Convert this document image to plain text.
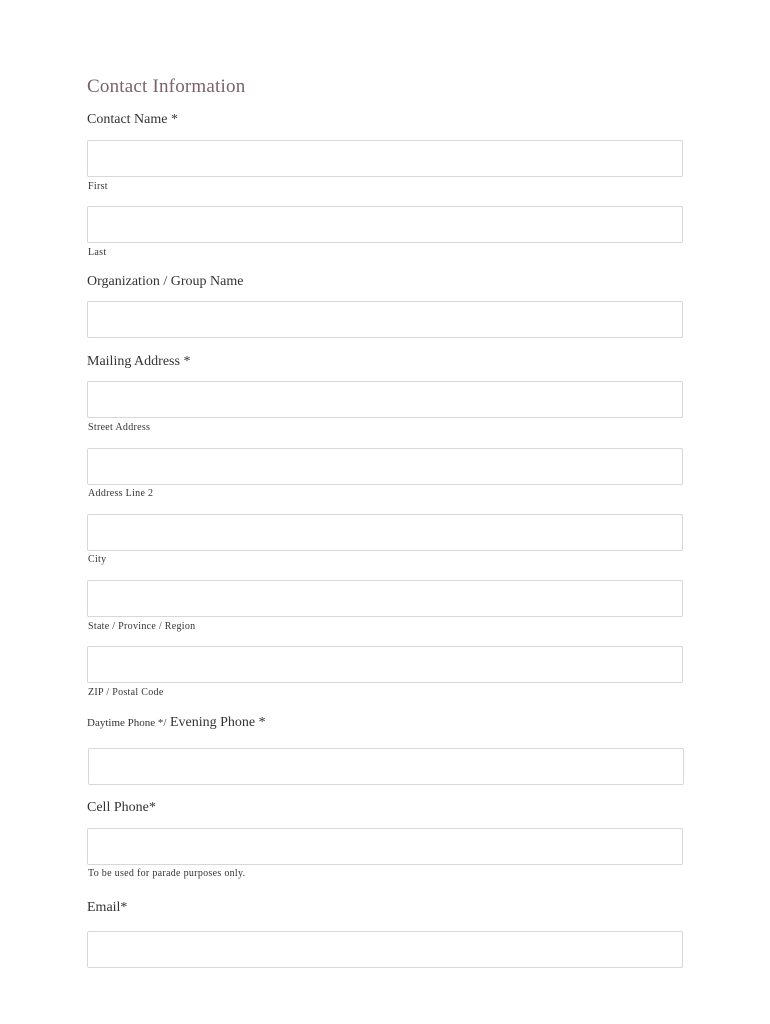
Contact Information
Contact Name *
First
Last
Organization / Group Name
Mailing Address *
Street Address
Address Line 2
City
State / Province / Region
ZIP / Postal Code
Daytime Phone */ Evening Phone *
Cell Phone*
To be used for parade purposes only.
Email*
